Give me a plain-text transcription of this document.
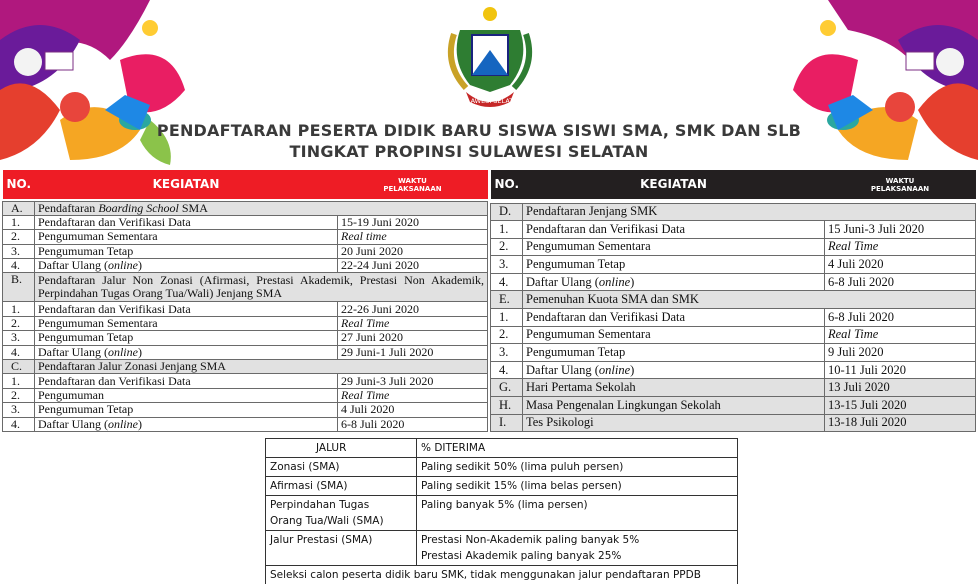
SULAWESI SELATAN
PENDAFTARAN PESERTA DIDIK BARU SISWA SISWI SMA, SMK DAN SLB
TINGKAT PROPINSI SULAWESI SELATAN
NO.	KEGIATAN	WAKTU
PELAKSANAAN

A.	Pendaftaran Boarding School SMA	
1.	Pendaftaran dan Verifikasi Data	15-19 Juni 2020
2.	Pengumuman Sementara	Real time
3.	Pengumuman Tetap	20 Juni 2020
4.	Daftar Ulang (online)	22-24 Juni 2020
B.	Pendaftaran Jalur Non Zonasi (Afirmasi, Prestasi Akademik, Prestasi Non Akademik, Perpindahan Tugas Orang Tua/Wali) Jenjang SMA	
1.	Pendaftaran dan Verifikasi Data	22-26 Juni 2020
2.	Pengumuman Sementara	Real Time
3.	Pengumuman Tetap	27 Juni 2020
4.	Daftar Ulang (online)	29 Juni-1 Juli 2020
C.	Pendaftaran Jalur Zonasi Jenjang SMA	
1.	Pendaftaran dan Verifikasi Data	29 Juni-3 Juli 2020
2.	Pengumuman	Real Time
3.	Pengumuman Tetap	4 Juli 2020
4.	Daftar Ulang (online)	6-8 Juli 2020
NO.	KEGIATAN	WAKTU
PELAKSANAAN

D.	Pendaftaran Jenjang SMK	
1.	Pendaftaran dan Verifikasi Data	15 Juni-3 Juli 2020
2.	Pengumuman Sementara	Real Time
3.	Pengumuman Tetap	4 Juli 2020
4.	Daftar Ulang (online)	6-8 Juli 2020
E.	Pemenuhan Kuota SMA dan SMK	
1.	Pendaftaran dan Verifikasi Data	6-8 Juli 2020
2.	Pengumuman Sementara	Real Time
3.	Pengumuman Tetap	9 Juli 2020
4.	Daftar Ulang (online)	10-11 Juli 2020
G.	Hari Pertama Sekolah	13 Juli 2020
H.	Masa Pengenalan Lingkungan Sekolah	13-15 Juli 2020
I.	Tes Psikologi	13-18 Juli 2020
JALUR	% DITERIMA
Zonasi (SMA)	Paling sedikit 50% (lima puluh persen)
Afirmasi (SMA)	Paling sedikit 15% (lima belas persen)

Perpindahan Tugas
Orang Tua/Wali (SMA)	Paling banyak 5% (lima persen)
Jalur Prestasi (SMA)	Prestasi Non-Akademik paling banyak 5%
Prestasi Akademik paling banyak 25%

Seleksi calon peserta didik baru SMK, tidak menggunakan jalur pendaftaran PPDB	
